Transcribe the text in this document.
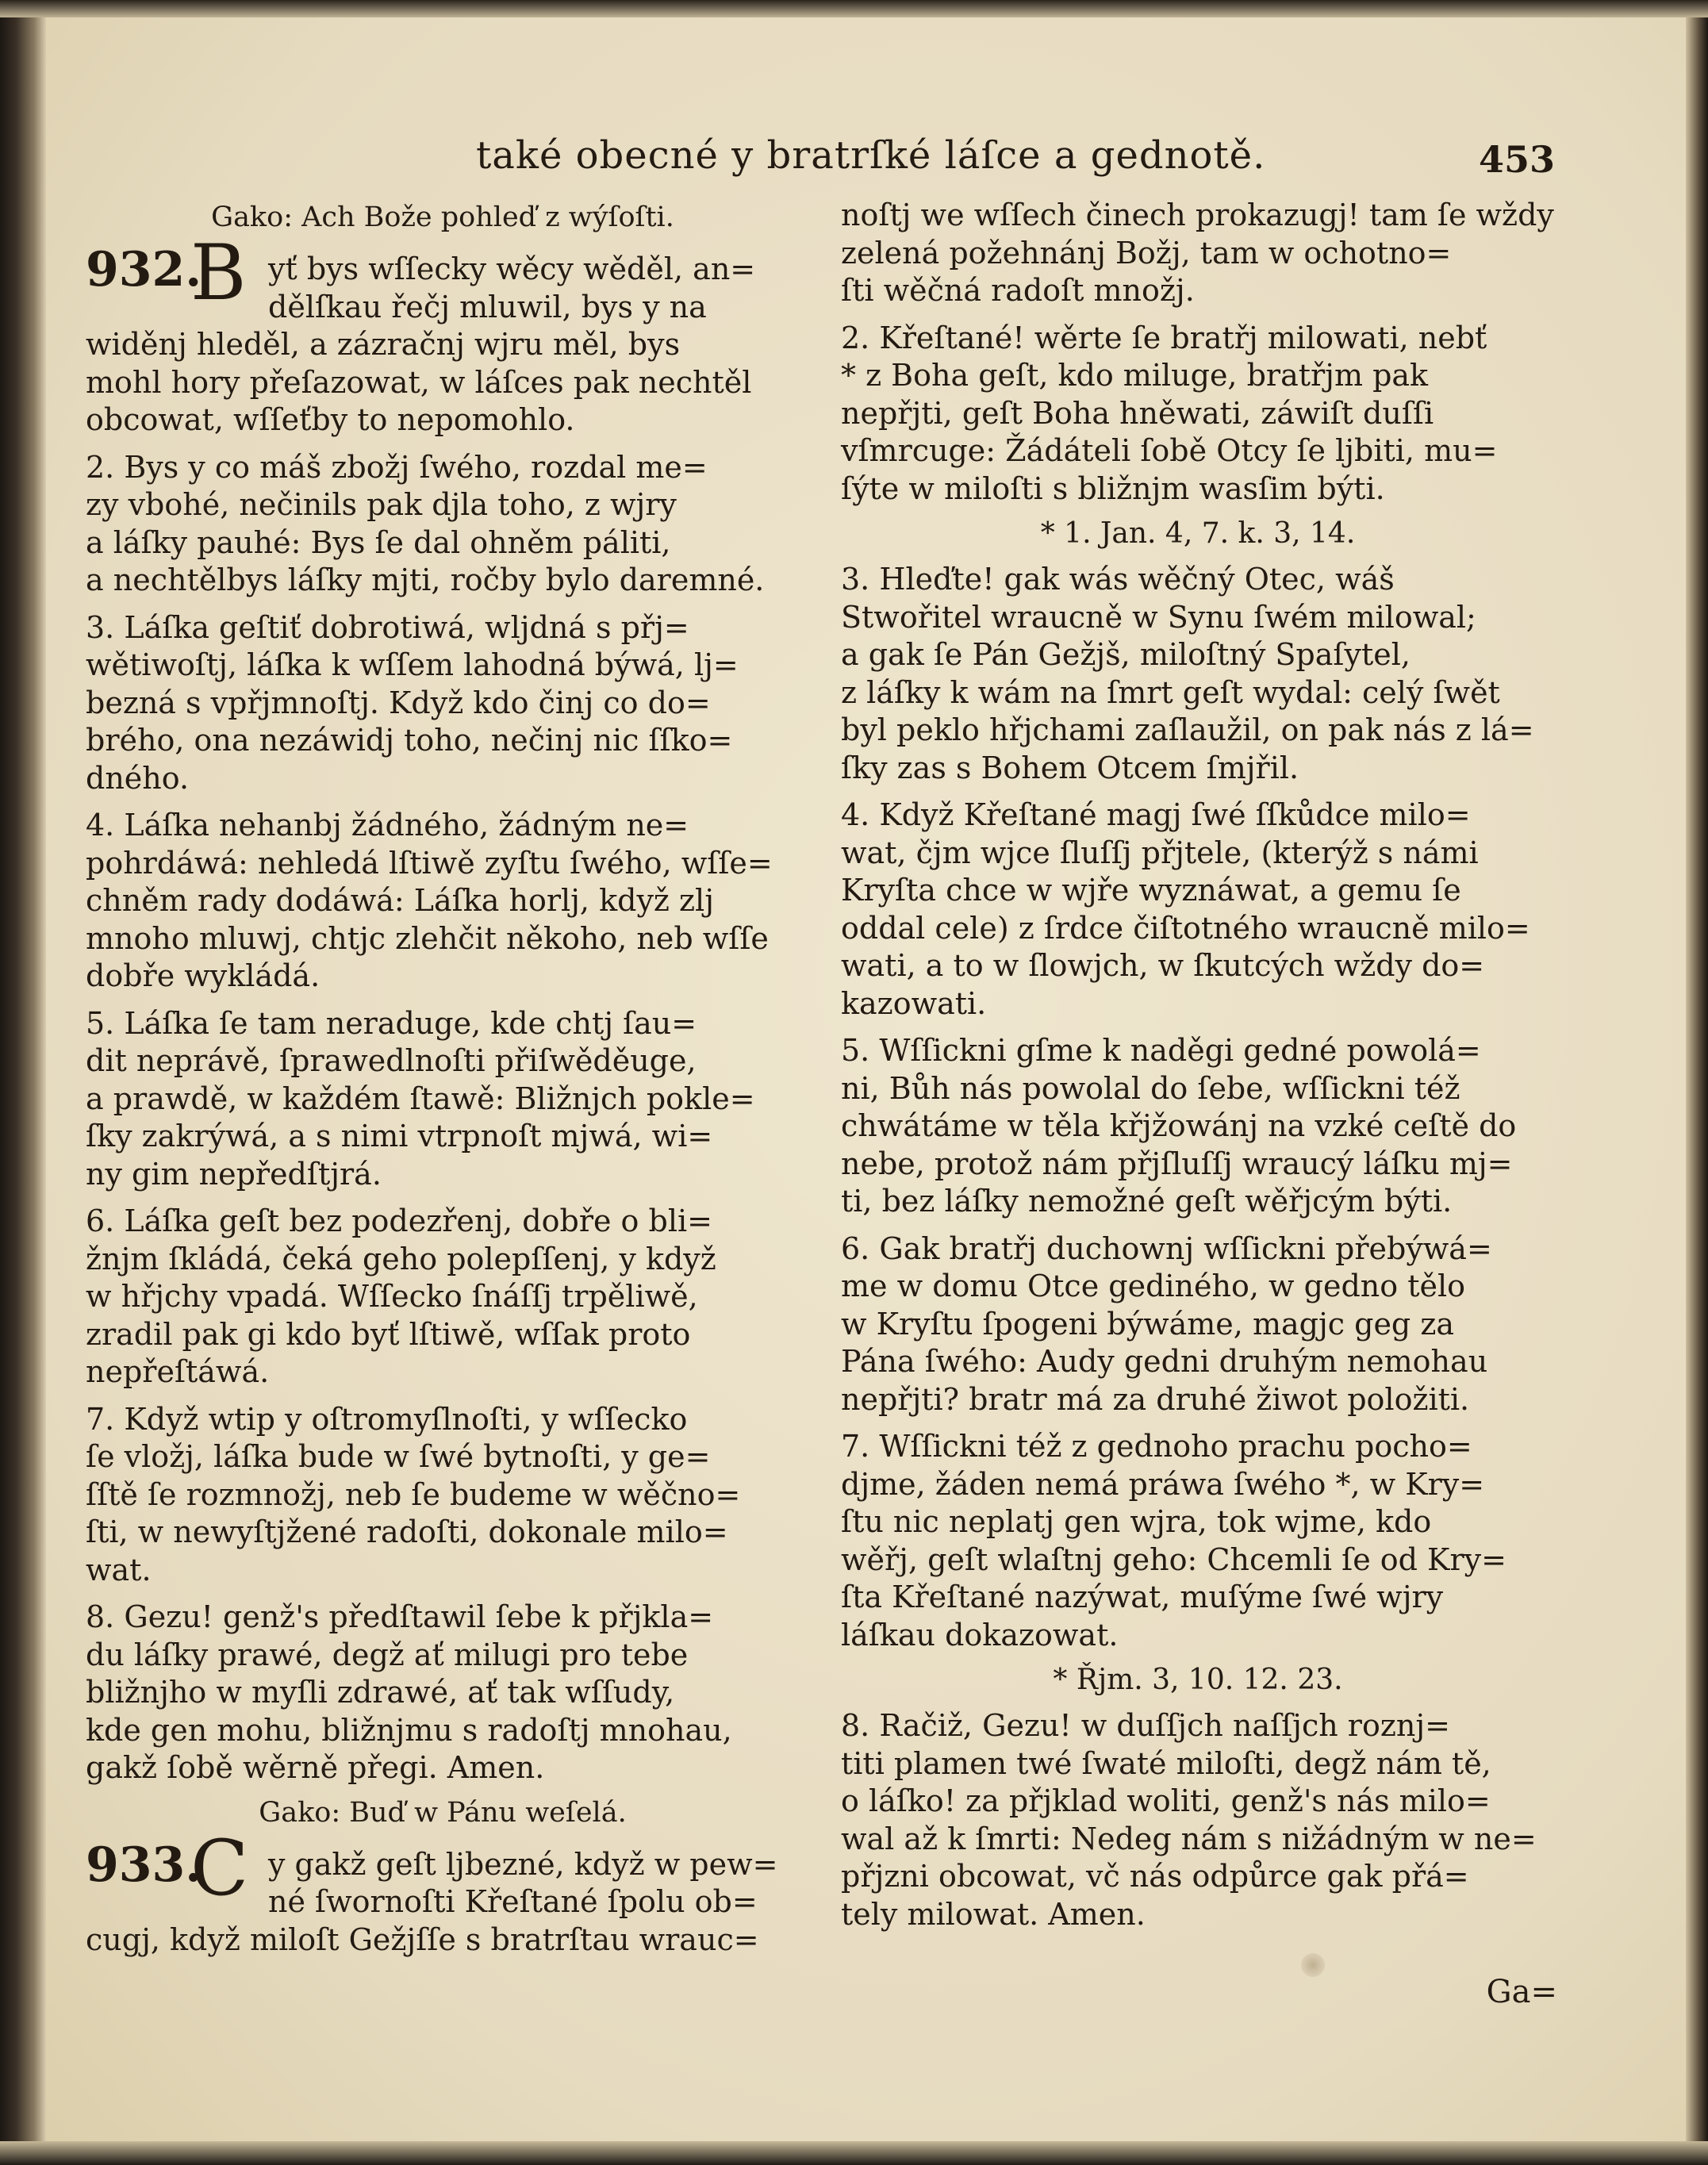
také obecné y bratrſké láſce a gednotě.	453
Gako: Ach Bože pohleď z wýſoſti.
932.
B yť bys wſſecky wěcy wěděl, an=
dělſkau řečj mluwil, bys y na
widěnj hleděl, a zázračnj wjru měl, bys
mohl hory přeſazowat, w láſces pak nechtěl
obcowat, wſſeťby to nepomohlo.
2. Bys y co máš zbožj ſwého, rozdal me=
zy vbohé, nečinils pak djla toho, z wjry
a láſky pauhé: Bys ſe dal ohněm páliti,
a nechtělbys láſky mjti, ročby bylo daremné.
3. Láſka geſtiť dobrotiwá, wljdná s přj=
wětiwoſtj, láſka k wſſem lahodná býwá, lj=
bezná s vpřjmnoſtj. Když kdo činj co do=
brého, ona nezáwidj toho, nečinj nic ſſko=
dného.
4. Láſka nehanbj žádného, žádným ne=
pohrdáwá: nehledá lſtiwě zyſtu ſwého, wſſe=
chněm rady dodáwá: Láſka horlj, když zlj
mnoho mluwj, chtjc zlehčit někoho, neb wſſe
dobře wykládá.
5. Láſka ſe tam neraduge, kde chtj ſau=
dit neprávě, ſprawedlnoſti přiſwěděuge,
a prawdě, w každém ſtawě: Bližnjch pokle=
ſky zakrýwá, a s nimi vtrpnoſt mjwá, wi=
ny gim nepředſtjrá.
6. Láſka geſt bez podezřenj, dobře o bli=
žnjm ſkládá, čeká geho polepſſenj, y když
w hřjchy vpadá. Wſſecko ſnáſſj trpěliwě,
zradil pak gi kdo byť lſtiwě, wſſak proto
nepřeſtáwá.
7. Když wtip y oſtromyſlnoſti, y wſſecko
ſe vložj, láſka bude w ſwé bytnoſti, y ge=
ſſtě ſe rozmnožj, neb ſe budeme w wěčno=
ſti, w newyſtjžené radoſti, dokonale milo=
wat.
8. Gezu! genž's předſtawil ſebe k přjkla=
du láſky prawé, degž ať milugi pro tebe
bližnjho w myſli zdrawé, ať tak wſſudy,
kde gen mohu, bližnjmu s radoſtj mnohau,
gakž ſobě wěrně přegi. Amen.
Gako: Buď w Pánu weſelá.
933.
C y gakž geſt ljbezné, když w pew=
né ſwornoſti Křeſtané ſpolu ob=
cugj, když miloſt Gežjſſe s bratrſtau wrauc=
noſtj we wſſech činech prokazugj! tam ſe wždy
zelená požehnánj Božj, tam w ochotno=
ſti wěčná radoſt množj.
2. Křeſtané! wěrte ſe bratřj milowati, nebť
* z Boha geſt, kdo miluge, bratřjm pak
nepřjti, geſt Boha hněwati, záwiſt duſſi
vſmrcuge: Žádáteli ſobě Otcy ſe ljbiti, mu=
ſýte w miloſti s bližnjm wasſim býti.
* 1. Jan. 4, 7. k. 3, 14.
3. Hleďte! gak wás wěčný Otec, wáš
Stwořitel wraucně w Synu ſwém milowal;
a gak ſe Pán Gežjš, miloſtný Spaſytel,
z láſky k wám na ſmrt geſt wydal: celý ſwět
byl peklo hřjchami zaſlaužil, on pak nás z lá=
ſky zas s Bohem Otcem ſmjřil.
4. Když Křeſtané magj ſwé ſſkůdce milo=
wat, čjm wjce ſluſſj přjtele, (kterýž s námi
Kryſta chce w wjře wyznáwat, a gemu ſe
oddal cele) z ſrdce čiſtotného wraucně milo=
wati, a to w ſlowjch, w ſkutcých wždy do=
kazowati.
5. Wſſickni gſme k naděgi gedné powolá=
ni, Bůh nás powolal do ſebe, wſſickni též
chwátáme w těla křjžowánj na vzké ceſtě do
nebe, protož nám přjſluſſj wraucý láſku mj=
ti, bez láſky nemožné geſt wěřjcým býti.
6. Gak bratřj duchownj wſſickni přebýwá=
me w domu Otce gediného, w gedno tělo
w Kryſtu ſpogeni býwáme, magjc geg za
Pána ſwého: Audy gedni druhým nemohau
nepřjti? bratr má za druhé žiwot položiti.
7. Wſſickni též z gednoho prachu pocho=
djme, žáden nemá práwa ſwého *, w Kry=
ſtu nic neplatj gen wjra, tok wjme, kdo
wěřj, geſt wlaſtnj geho: Chcemli ſe od Kry=
ſta Křeſtané nazýwat, muſýme ſwé wjry
láſkau dokazowat.
* Řjm. 3, 10. 12. 23.
8. Račiž, Gezu! w duſſjch naſſjch roznj=
titi plamen twé ſwaté miloſti, degž nám tě,
o láſko! za přjklad woliti, genž's nás milo=
wal až k ſmrti: Nedeg nám s nižádným w ne=
přjzni obcowat, vč nás odpůrce gak přá=
tely milowat. Amen.
Ga=
